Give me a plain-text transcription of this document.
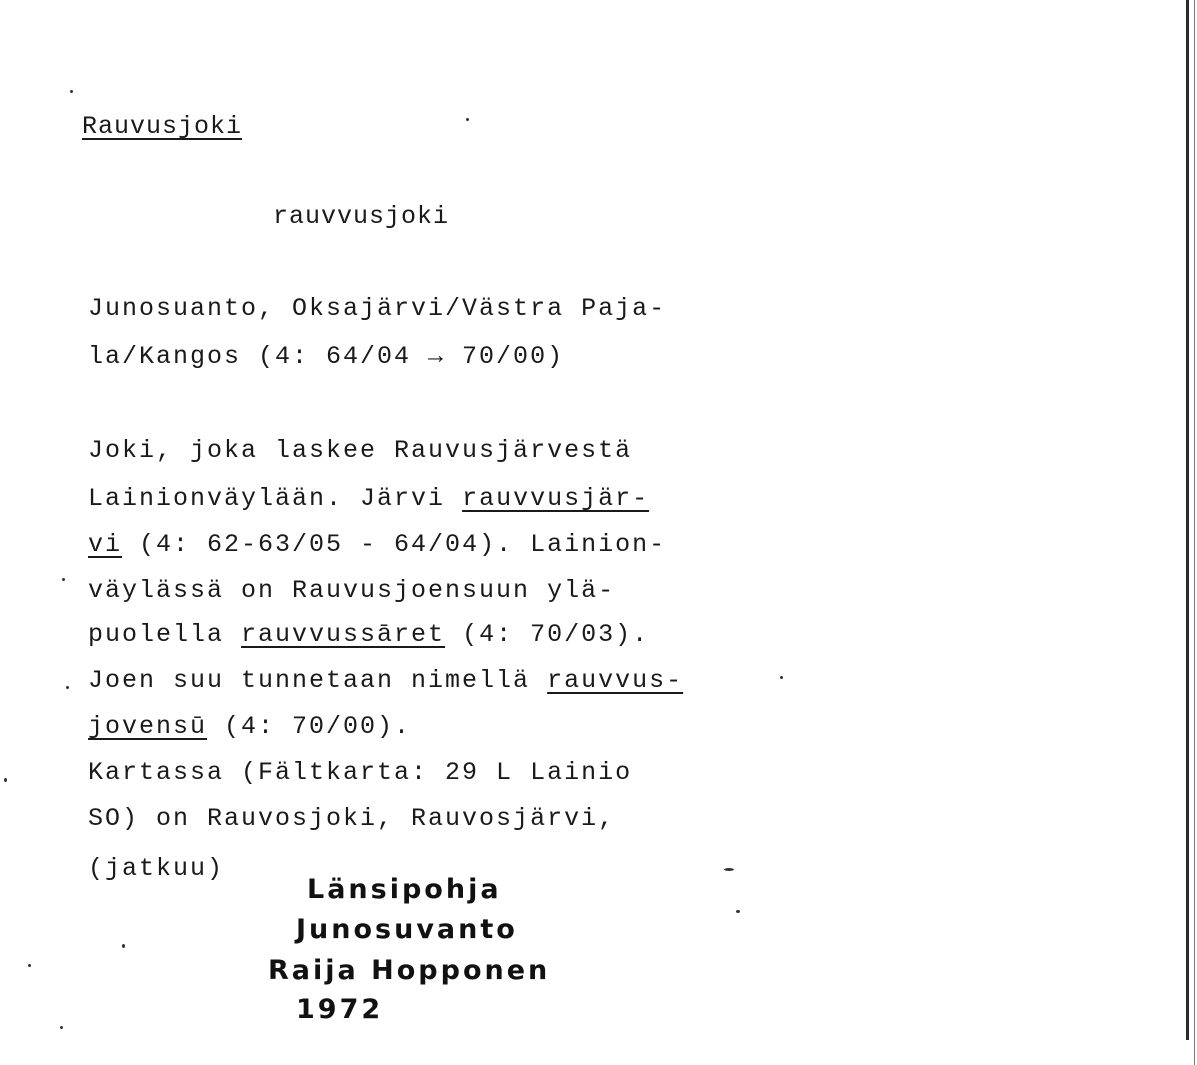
Rauvusjoki
rauvvusjoki
Junosuanto, Oksajärvi/Västra Paja-
la/Kangos (4: 64/04 → 70/00)
Joki, joka laskee Rauvusjärvestä
Lainionväylään. Järvi rauvvusjär-
vi (4: 62-63/05 - 64/04). Lainion-
väylässä on Rauvusjoensuun ylä-
puolella rauvvussāret (4: 70/03).
Joen suu tunnetaan nimellä rauvvus-
jovensū (4: 70/00).
Kartassa (Fältkarta: 29 L Lainio
SO) on Rauvosjoki, Rauvosjärvi,
(jatkuu)
Länsipohja
Junosuvanto
Raija Hopponen
1972
